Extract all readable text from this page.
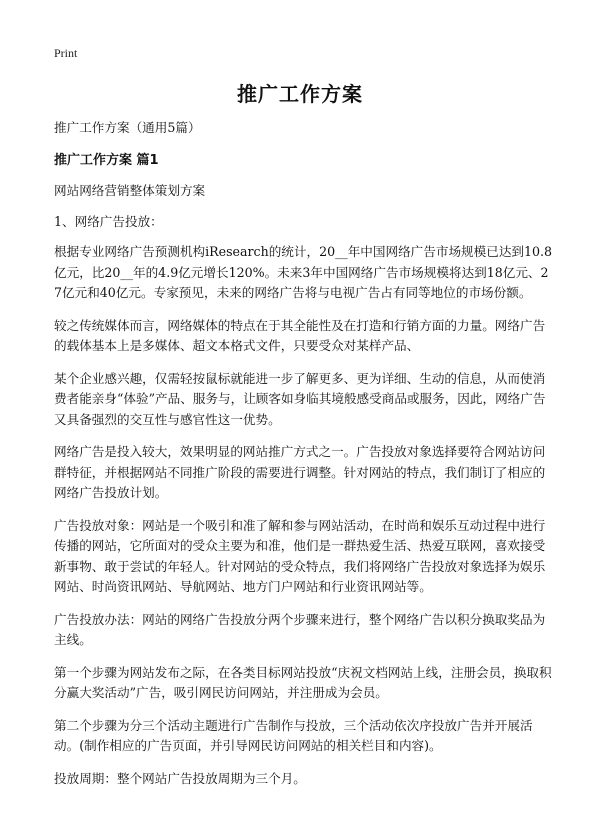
Print
推广工作方案

推广工作方案（通用5篇）

推广工作方案 篇1

网站网络营销整体策划方案

1、网络广告投放：

根据专业网络广告预测机构iResearch的统计，20__年中国网络广告市场规模已达到10.8亿元，比20__年的4.9亿元增长120%。未来3年中国网络广告市场规模将达到18亿元、27亿元和40亿元。专家预见，未来的网络广告将与电视广告占有同等地位的市场份额。

较之传统媒体而言，网络媒体的特点在于其全能性及在打造和行销方面的力量。网络广告的载体基本上是多媒体、超文本格式文件，只要受众对某样产品、

某个企业感兴趣，仅需轻按鼠标就能进一步了解更多、更为详细、生动的信息，从而使消费者能亲身“体验”产品、服务与，让顾客如身临其境般感受商品或服务，因此，网络广告又具备强烈的交互性与感官性这一优势。

网络广告是投入较大，效果明显的网站推广方式之一。广告投放对象选择要符合网站访问群特征，并根据网站不同推广阶段的需要进行调整。针对网站的特点，我们制订了相应的网络广告投放计划。

广告投放对象：网站是一个吸引和准了解和参与网站活动，在时尚和娱乐互动过程中进行传播的网站，它所面对的受众主要为和准，他们是一群热爱生活、热爱互联网，喜欢接受新事物、敢于尝试的年轻人。针对网站的受众特点，我们将网络广告投放对象选择为娱乐网站、时尚资讯网站、导航网站、地方门户网站和行业资讯网站等。

广告投放办法：网站的网络广告投放分两个步骤来进行，整个网络广告以积分换取奖品为主线。

第一个步骤为网站发布之际，在各类目标网站投放“庆祝文档网站上线，注册会员，换取积分赢大奖活动”广告，吸引网民访问网站，并注册成为会员。

第二个步骤为分三个活动主题进行广告制作与投放，三个活动依次序投放广告并开展活动。(制作相应的广告页面，并引导网民访问网站的相关栏目和内容)。

投放周期：整个网站广告投放周期为三个月。
